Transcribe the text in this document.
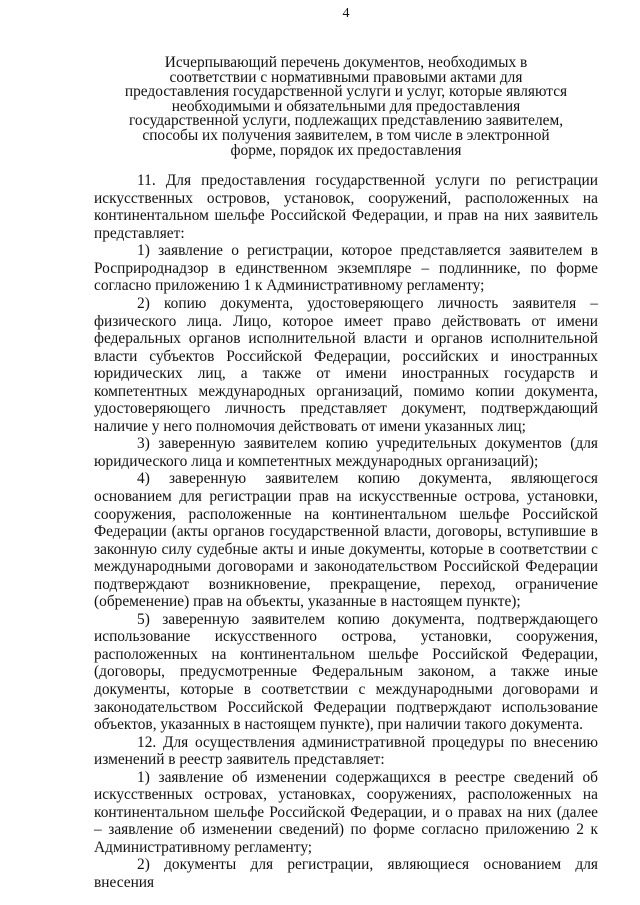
4
Исчерпывающий перечень документов, необходимых в
соответствии с нормативными правовыми актами для
предоставления государственной услуги и услуг, которые являются
необходимыми и обязательными для предоставления
государственной услуги, подлежащих представлению заявителем,
способы их получения заявителем, в том числе в электронной
форме, порядок их предоставления

11. Для предоставления государственной услуги по регистрации искусственных островов, установок, сооружений, расположенных на континентальном шельфе Российской Федерации, и прав на них заявитель представляет:

1) заявление о регистрации, которое представляется заявителем в Росприроднадзор в единственном экземпляре – подлиннике, по форме согласно приложению 1 к Административному регламенту;

2) копию документа, удостоверяющего личность заявителя – физического лица. Лицо, которое имеет право действовать от имени федеральных органов исполнительной власти и органов исполнительной власти субъектов Российской Федерации, российских и иностранных юридических лиц, а также от имени иностранных государств и компетентных международных организаций, помимо копии документа, удостоверяющего личность представляет документ, подтверждающий наличие у него полномочия действовать от имени указанных лиц;

3) заверенную заявителем копию учредительных документов (для юридического лица и компетентных международных организаций);

4) заверенную заявителем копию документа, являющегося основанием для регистрации прав на искусственные острова, установки, сооружения, расположенные на континентальном шельфе Российской Федерации (акты органов государственной власти, договоры, вступившие в законную силу судебные акты и иные документы, которые в соответствии с международными договорами и законодательством Российской Федерации подтверждают возникновение, прекращение, переход, ограничение (обременение) прав на объекты, указанные в настоящем пункте);

5) заверенную заявителем копию документа, подтверждающего использование искусственного острова, установки, сооружения, расположенных на континентальном шельфе Российской Федерации, (договоры, предусмотренные Федеральным законом, а также иные документы, которые в соответствии с международными договорами и законодательством Российской Федерации подтверждают использование объектов, указанных в настоящем пункте), при наличии такого документа.

12. Для осуществления административной процедуры по внесению изменений в реестр заявитель представляет:

1) заявление об изменении содержащихся в реестре сведений об искусственных островах, установках, сооружениях, расположенных на континентальном шельфе Российской Федерации, и о правах на них (далее – заявление об изменении сведений) по форме согласно приложению 2 к Административному регламенту;

2) документы для регистрации, являющиеся основанием для внесения
